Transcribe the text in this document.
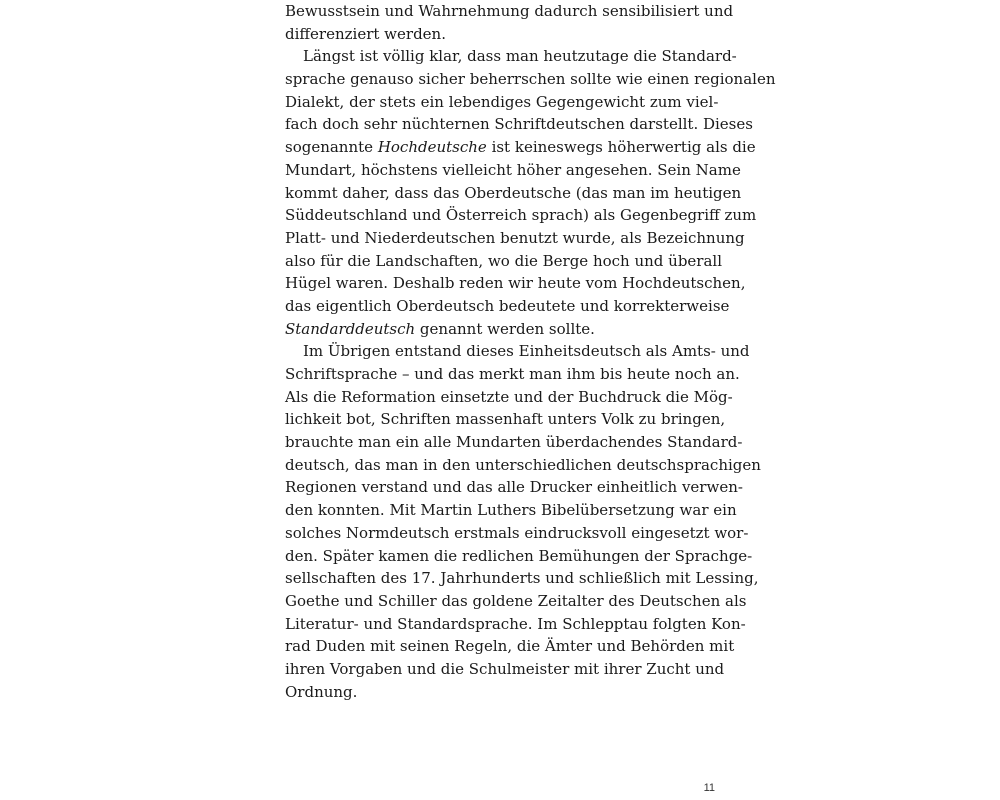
Bewusstsein und Wahrnehmung dadurch sensibilisiert und
differenziert werden.
Längst ist völlig klar, dass man heutzutage die Standard-
sprache genauso sicher beherrschen sollte wie einen regionalen
Dialekt, der stets ein lebendiges Gegengewicht zum viel-
fach doch sehr nüchternen Schriftdeutschen darstellt. Dieses
sogenannte Hochdeutsche ist keineswegs höherwertig als die
Mundart, höchstens vielleicht höher angesehen. Sein Name
kommt daher, dass das Oberdeutsche (das man im heutigen
Süddeutschland und Österreich sprach) als Gegenbegriff zum
Platt- und Niederdeutschen benutzt wurde, als Bezeichnung
also für die Landschaften, wo die Berge hoch und überall
Hügel waren. Deshalb reden wir heute vom Hochdeutschen,
das eigentlich Oberdeutsch bedeutete und korrekterweise
Standarddeutsch genannt werden sollte.
Im Übrigen entstand dieses Einheitsdeutsch als Amts- und
Schriftsprache – und das merkt man ihm bis heute noch an.
Als die Reformation einsetzte und der Buchdruck die Mög-
lichkeit bot, Schriften massenhaft unters Volk zu bringen,
brauchte man ein alle Mundarten überdachendes Standard-
deutsch, das man in den unterschiedlichen deutschsprachigen
Regionen verstand und das alle Drucker einheitlich verwen-
den konnten. Mit Martin Luthers Bibelübersetzung war ein
solches Normdeutsch erstmals eindrucksvoll eingesetzt wor-
den. Später kamen die redlichen Bemühungen der Sprachge-
sellschaften des 17. Jahrhunderts und schließlich mit Lessing,
Goethe und Schiller das goldene Zeitalter des Deutschen als
Literatur- und Standardsprache. Im Schlepptau folgten Kon-
rad Duden mit seinen Regeln, die Ämter und Behörden mit
ihren Vorgaben und die Schulmeister mit ihrer Zucht und
Ordnung.
11
